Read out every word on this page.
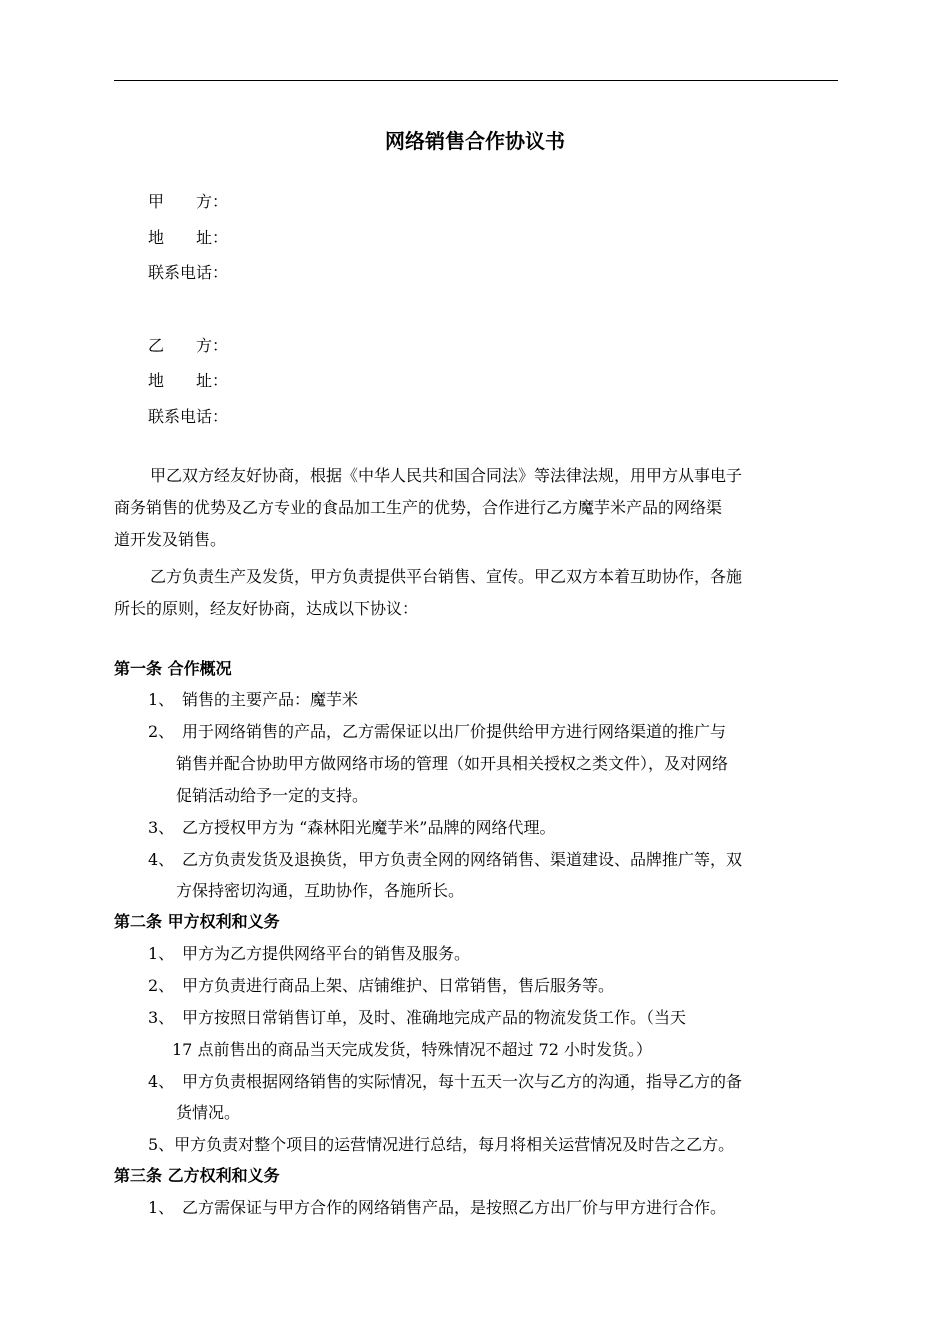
网络销售合作协议书
甲　　方：
地　　址：
联系电话：
乙　　方：
地　　址：
联系电话：
甲乙双方经友好协商，根据《中华人民共和国合同法》等法律法规，用甲方从事电子
商务销售的优势及乙方专业的食品加工生产的优势，合作进行乙方魔芋米产品的网络渠
道开发及销售。
乙方负责生产及发货，甲方负责提供平台销售、宣传。甲乙双方本着互助协作，各施
所长的原则，经友好协商，达成以下协议：
第一条 合作概况
1、 销售的主要产品：魔芋米
2、 用于网络销售的产品，乙方需保证以出厂价提供给甲方进行网络渠道的推广与
销售并配合协助甲方做网络市场的管理（如开具相关授权之类文件），及对网络
促销活动给予一定的支持。
3、 乙方授权甲方为 “森林阳光魔芋米”品牌的网络代理。
4、 乙方负责发货及退换货，甲方负责全网的网络销售、渠道建设、品牌推广等，双
方保持密切沟通，互助协作，各施所长。
第二条 甲方权利和义务
1、 甲方为乙方提供网络平台的销售及服务。
2、 甲方负责进行商品上架、店铺维护、日常销售，售后服务等。
3、 甲方按照日常销售订单，及时、准确地完成产品的物流发货工作。（当天
17 点前售出的商品当天完成发货，特殊情况不超过 72 小时发货。）
4、 甲方负责根据网络销售的实际情况，每十五天一次与乙方的沟通，指导乙方的备
货情况。
5、甲方负责对整个项目的运营情况进行总结，每月将相关运营情况及时告之乙方。
第三条 乙方权利和义务
1、 乙方需保证与甲方合作的网络销售产品，是按照乙方出厂价与甲方进行合作。
